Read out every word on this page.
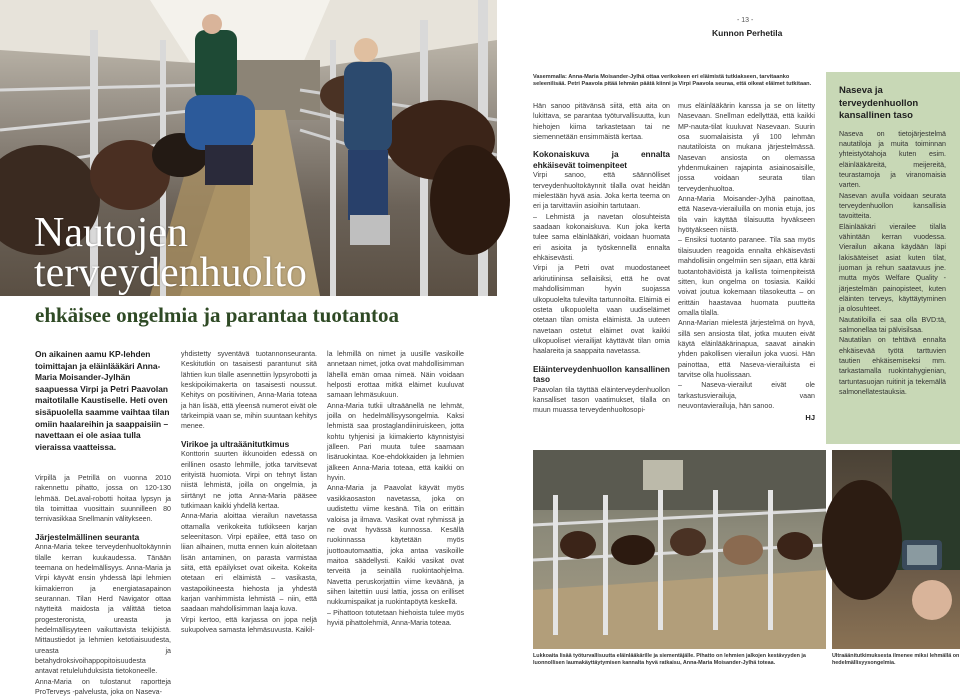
- 13 -
Kunnon Perhetila
Nautojen
terveydenhuolto
ehkäisee ongelmia ja parantaa tuotantoa
On aikainen aamu KP-lehden toimittajan ja eläinlääkäri Anna-Maria Moisander-Jylhän saapuessa Virpi ja Petri Paavolan maitotilalle Kaustiselle. Heti oven sisäpuolella saamme vaihtaa tilan omiin haalareihin ja saappaisiin – navettaan ei ole asiaa tulla vieraissa vaatteissa.

Virpillä ja Petrillä on vuonna 2010 rakennettu pihatto, jossa on 120-130 lehmää. DeLaval-robotti hoitaa lypsyn ja tila toimittaa vuosittain suunnilleen 80 ternivasikkaa Snellmanin välitykseen.

Järjestelmällinen seuranta

Anna-Maria tekee terveydenhuoltokäynnin tilalle kerran kuukaudessa. Tänään teemana on hedelmällisyys. Anna-Maria ja Virpi käyvät ensin yhdessä läpi lehmien kiimakierron ja energiatasapainon seurannan. Tilan Herd Navigator ottaa näytteitä maidosta ja välittää tietoa progesteronista, ureasta ja hedelmällisyyteen vaikuttavista tekijöistä. Mittaustiedot ja lehmien ketotiaisuudesta, ureasta ja betahydroksivoihappopitoisuudesta antavat retuleluhduksista tietokoneelle.

Anna-Maria on tulostanut raportteja ProTerveys -palvelusta, joka on Naseva-

yhdistetty syventävä tuotannonseuranta. Keskitutkin on tasaisesti parantunut sitä lähtien kun tilalle asennettiin lypsyrobotti ja keskipoikimakerta on tasaisesti noussut. Kehitys on positiivinen, Anna-Maria toteaa ja hän lisää, että yleensä numerot eivät ole tärkeimpiä vaan se, mihin suuntaan kehitys menee.

Virikoe ja ultraäänitutkimus

Konttorin suurten ikkunoiden edessä on erillinen osasto lehmille, jotka tarvitsevat erityistä huomiota. Virpi on tehnyt listan niistä lehmistä, joilla on ongelmia, ja siirtänyt ne jotta Anna-Maria pääsee tutkimaan kaikki yhdellä kertaa.

Anna-Maria aloittaa vierailun navetassa ottamalla verikokeita tutkikseen karjan seleenitason. Virpi epäilee, että taso on liian alhainen, mutta ennen kuin aloitetaan lisän antaminen, on parasta varmistaa siitä, että epäilykset ovat oikeita. Kokeita otetaan eri eläimistä – vasikasta, vastapoikineesta hiehosta ja yhdestä karjan vanhimmista lehmistä – niin, että saadaan mahdollisimman laaja kuva.

Virpi kertoo, että karjassa on jopa neljä sukupolvea samasta lehmäsuvusta. Kaikil-

la lehmillä on nimet ja uusille vasikoille annetaan nimet, jotka ovat mahdollisimman lähellä emän omaa nimeä. Näin voidaan helposti erottaa mitkä eläimet kuuluvat samaan lehmäsukuun.

Anna-Maria tutkii ultraäänellä ne lehmät, joilla on hedelmällisyysongelmia. Kaksi lehmistä saa prostaglandiiniruiskeen, jotta kohtu tyhjenisi ja kiimakierto käynnistyisi jälleen. Pari muuta tulee saamaan lisäruokintaa. Koe-ehdokkaiden ja lehmien jälkeen Anna-Maria toteaa, että kaikki on hyvin.

Anna-Maria ja Paavolat käyvät myös vasikkaosaston navetassa, joka on uudistettu viime kesänä. Tila on erittäin valoisa ja ilmava. Vasikat ovat ryhmissä ja ne ovat hyvässä kunnossa. Kesällä ruokinnassa käytetään myös juottoautomaattia, joka antaa vasikoille maitoa säädellysti. Kaikki vasikat ovat terveitä ja seinällä ruokintaohjelma. Navetta peruskorjattiin viime keväänä, ja siihen laitettiin uusi lattia, jossa on erilliset nukkumispaikat ja ruokintapöytä keskellä.

– Pihattoon totutetaan hiehoista tulee myös hyviä pihattolehmiä, Anna-Maria toteaa.

Vasemmalla: Anna-Maria Moisander-Jylhä ottaa verikokeen eri eläimistä tutkiakseen, tarvitaanko seleenilisää. Petri Paavola pitää lehmän päätä kiinni ja Virpi Paavola seuraa, että oikeat eläimet tutkitaan.

Hän sanoo pitävänsä siitä, että aita on lukittava, se parantaa työturvallisuutta, kun hiehojen kiima tarkastetaan tai ne siemennetään ensimmäistä kertaa.

Kokonaiskuva ja ennalta ehkäisevät toimenpiteet

Virpi sanoo, että säännölliset terveydenhuoltokäynnit tilalla ovat heidän mielestään hyvä asia. Joka kerta teema on eri ja tarvittaviin asioihin tartutaan.

– Lehmistä ja navetan olosuhteista saadaan kokonaiskuva. Kun joka kerta tulee sama eläinlääkäri, voidaan huomata eri asioita ja työskennellä ennalta ehkäisevästi.

Virpi ja Petri ovat muodostaneet arkirutiininsa sellaisiksi, että he ovat mahdollisimman hyvin suojassa ulkopuolelta tulevilta tartunnoilta. Eläimiä ei osteta ulkopuolelta vaan uudiseläimet otetaan tilan omista eläimistä. Ja uuteen navetaan ostetut eläimet ovat kaikki ulkopuoliset vierailijat käyttävät tilan omia haalareita ja saappaita navetassa.

Eläinterveydenhuollon kansallinen taso

Paavolan tila täyttää eläinterveydenhuollon kansalliset tason vaatimukset, tilalla on muun muassa terveydenhuoltosopi-

mus eläinlääkärin kanssa ja se on liitetty Nasevaan. Snellman edellyttää, että kaikki MP-nauta-tilat kuuluvat Nasevaan. Suurin osa suomalaisista yli 100 lehmän nautatiloista on mukana järjestelmässä. Nasevan ansiosta on olemassa yhdenmukainen rajapinta asiainosaisille, jossa voidaan seurata tilan terveydenhuoltoa.

Anna-Maria Moisander-Jylhä painottaa, että Naseva-vierailuilla on monia etuja, jos tila vain käyttää tilaisuutta hyväkseen hyötyäkseen niistä.

– Ensiksi tuotanto paranee. Tila saa myös tilaisuuden reagoida ennalta ehkäisevästi mahdollisiin ongelmiin sen sijaan, että käräi tuotantohäviöistä ja kallista toimenpiteistä sitten, kun ongelma on tosiasia. Kaikki voivat joutua kokemaan tilasokeutta – on erittäin haastavaa huomata puutteita omalla tilalla.

Anna-Marian mielestä järjestelmä on hyvä, sillä sen ansiosta tilat, jotka muuten eivät käytä eläinlääkärinapua, saavat ainakin yhden pakollisen vierailun joka vuosi. Hän painottaa, että Naseva-vierailuista ei tarvitse olla huolissaan.

– Naseva-vierailut eivät ole tarkastusvierailuja, vaan neuvontavierailuja, hän sanoo.

HJ
Naseva ja terveydenhuollon kansallinen taso

Naseva on tietojärjestelmä nautatiloja ja muita toiminnan yhteistyötahoja kuten esim. eläinlääkäreitä, meijereitä, teurastamoja ja viranomaisia varten.

Nasevan avulla voidaan seurata terveydenhuollon kansallisia tavoitteita.

Eläinlääkäri vierailee tilalla vähintään kerran vuodessa. Vierailun aikana käydään läpi lakisääteiset asiat kuten tilat, juoman ja rehun saatavuus jne. mutta myös Welfare Quality -järjestelmän painopisteet, kuten eläinten terveys, käyttäytyminen ja olosuhteet.

Nautatiloilla ei saa olla BVD:tä, salmonellaa tai pälvisilsaa.

Nautatilan on tehtävä ennalta ehkäisevää työtä tarttuvien tautien ehkäisemiseksi mm. tarkastamalla ruokintahygienian, tartuntasuojan ruitinit ja tekemällä salmonellatestauksia.

Lukkoaita lisää työturvallisuutta eläinlääkärille ja siementäjälle. Pihatto on lehmien jalkojen kestävyyden ja luonnollisen laumakäyttäytymisen kannalta hyvä ratkaisu, Anna-Maria Moisander-Jylhä toteaa.
Ultraäänitutkimuksesta ilmenee miksi lehmällä on hedelmällisyysongelmia.
